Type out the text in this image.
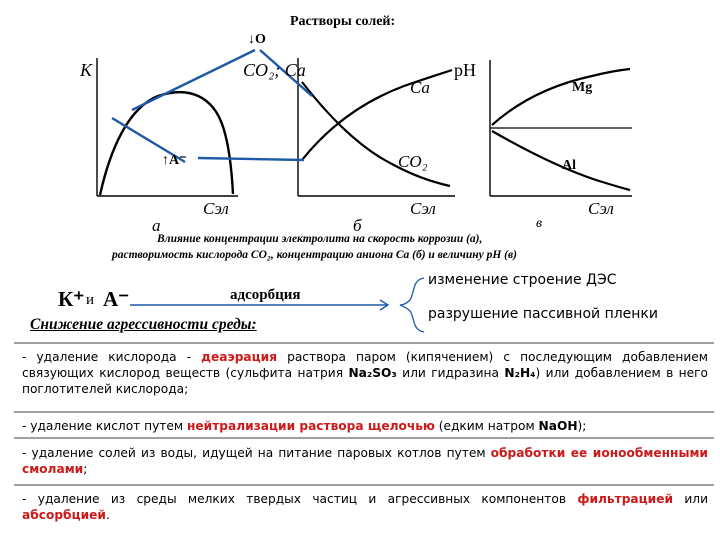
Растворы солей:
↓О
↑А⁻
К
Cэл
а
CO₂; Ca
Ca
CO₂
Cэл
б
pH
Mg
Al
Cэл
в
Влияние концентрации электролита на скорость коррозии (а),
растворимость кислорода CO₂, концентрацию аниона Ca (б) и величину рН (в)
К⁺ и А⁻	адсорбция
изменение строение ДЭС
разрушение пассивной пленки
Снижение агрессивности среды:
- удаление кислорода - деаэрация раствора паром (кипячением) с последующим добавлением связующих кислород веществ (сульфита натрия Na₂SO₃ или гидразина N₂H₄) или добавлением в него поглотителей кислорода;
- удаление кислот путем нейтрализации раствора щелочью (едким натром NaOH);
- удаление солей из воды, идущей на питание паровых котлов путем обработки ее ионообменными смолами;
- удаление из среды мелких твердых частиц и агрессивных компонентов фильтрацией или абсорбцией.
